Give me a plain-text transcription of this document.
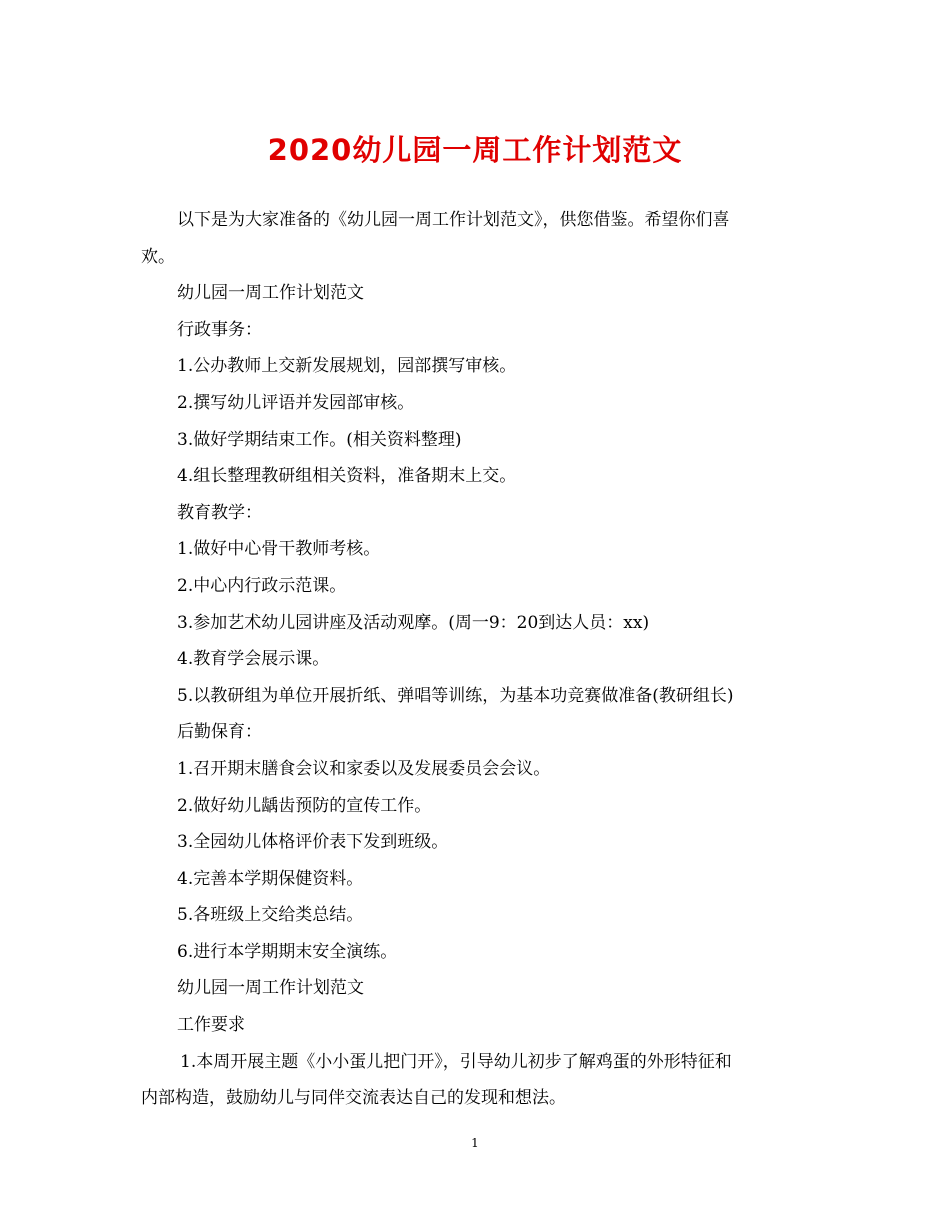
2020幼儿园一周工作计划范文

以下是为大家准备的《幼儿园一周工作计划范文》，供您借鉴。希望你们喜

欢。

幼儿园一周工作计划范文

行政事务：

1.公办教师上交新发展规划，园部撰写审核。

2.撰写幼儿评语并发园部审核。

3.做好学期结束工作。(相关资料整理)

4.组长整理教研组相关资料，准备期末上交。

教育教学：

1.做好中心骨干教师考核。

2.中心内行政示范课。

3.参加艺术幼儿园讲座及活动观摩。(周一9：20到达人员：xx)

4.教育学会展示课。

5.以教研组为单位开展折纸、弹唱等训练，为基本功竞赛做准备(教研组长)

后勤保育：

1.召开期末膳食会议和家委以及发展委员会会议。

2.做好幼儿龋齿预防的宣传工作。

3.全园幼儿体格评价表下发到班级。

4.完善本学期保健资料。

5.各班级上交给类总结。

6.进行本学期期末安全演练。

幼儿园一周工作计划范文

工作要求

1.本周开展主题《小小蛋儿把门开》，引导幼儿初步了解鸡蛋的外形特征和

内部构造，鼓励幼儿与同伴交流表达自己的发现和想法。

1
